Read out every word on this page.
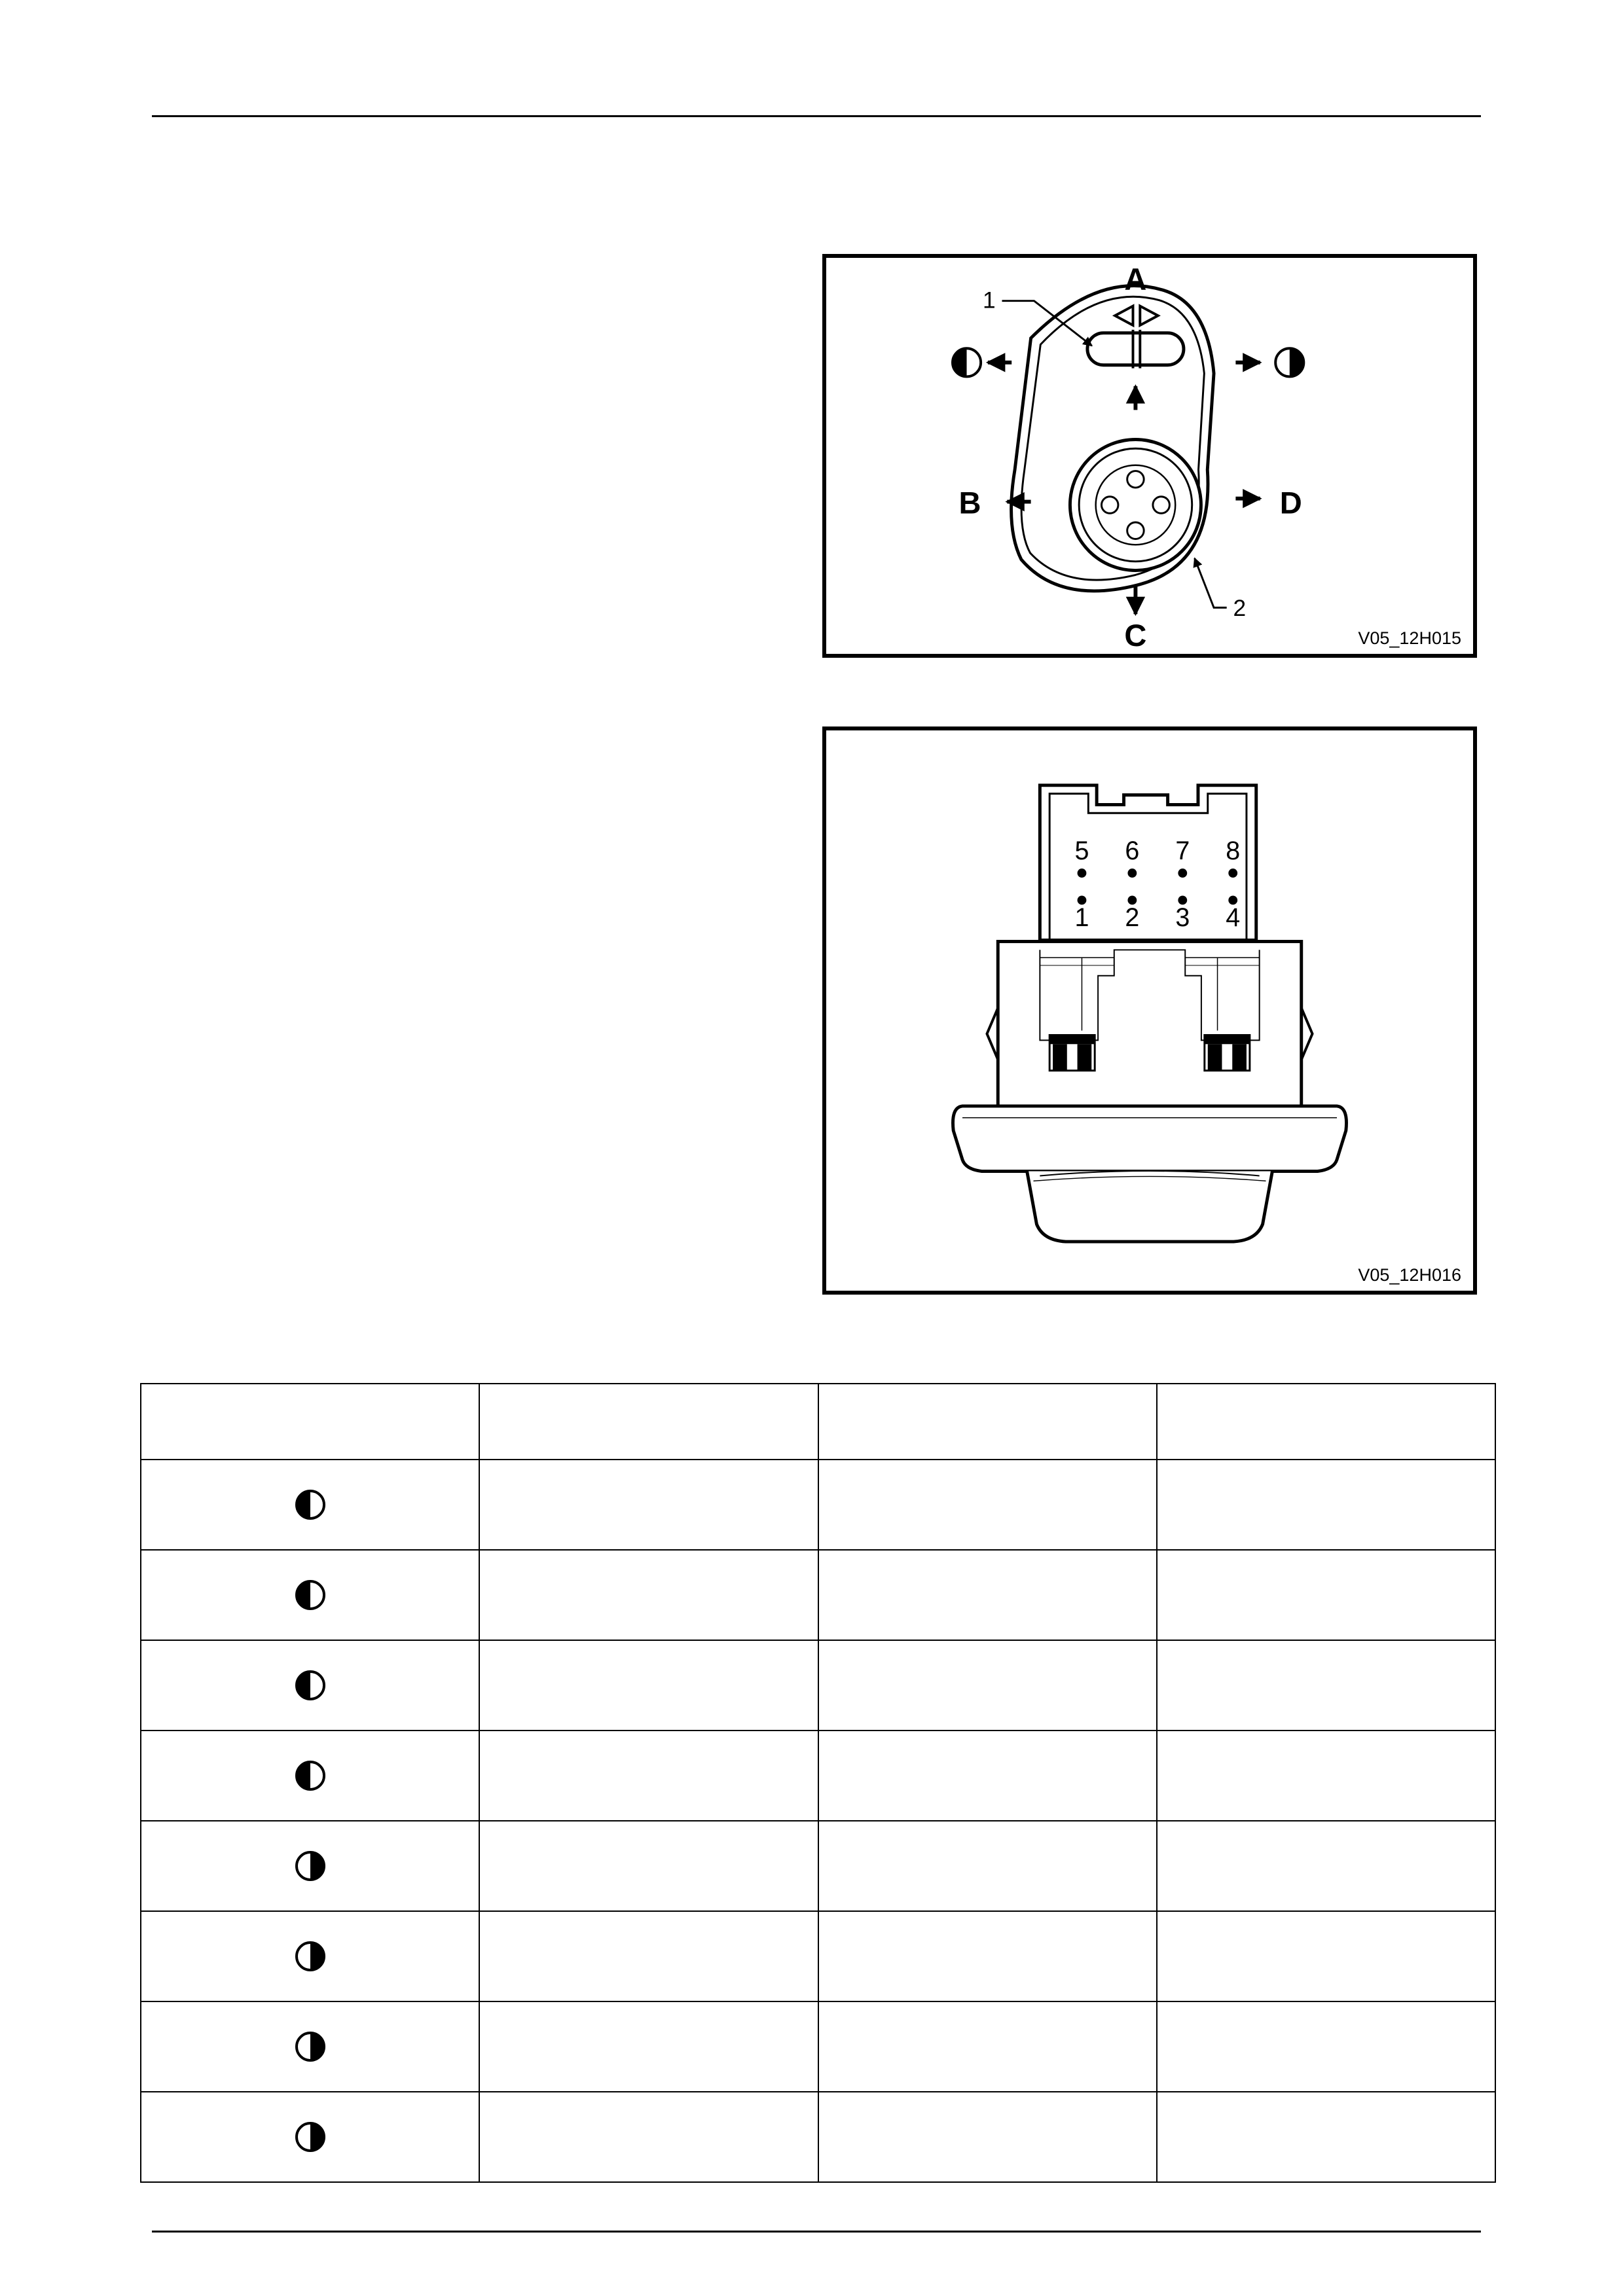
A
B
C
D
1
2
V05_12H015
5 6 7 8
1 2 3 4
V05_12H016
